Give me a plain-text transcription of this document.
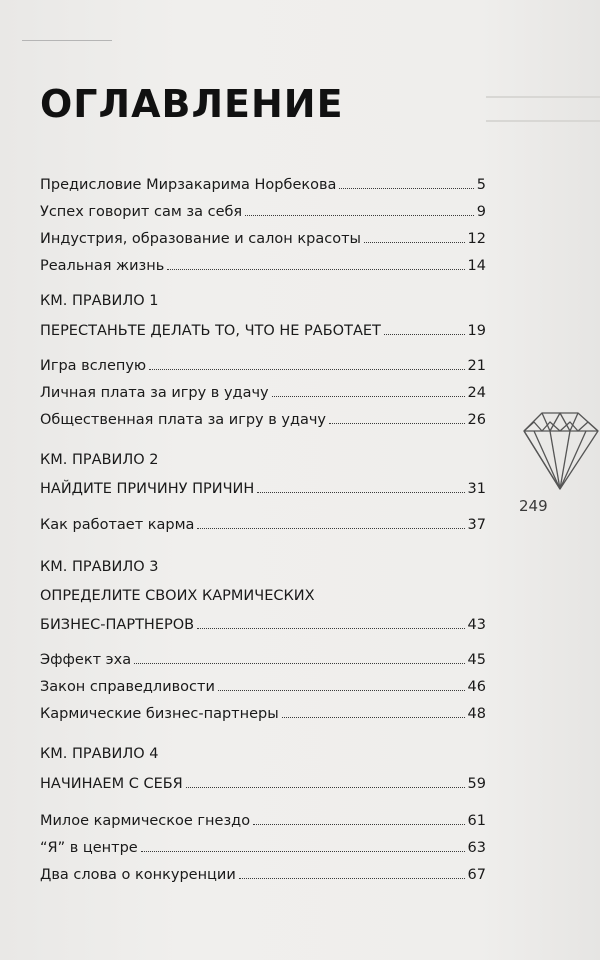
ОГЛАВЛЕНИЕ
Предисловие Мирзакарима Норбекова	5
Успех говорит сам за себя	9
Индустрия, образование и салон красоты	12
Реальная жизнь	14
КМ. ПРАВИЛО 1
ПЕРЕСТАНЬТЕ ДЕЛАТЬ ТО, ЧТО НЕ РАБОТАЕТ	19
Игра вслепую	21
Личная плата за игру в удачу	24
Общественная плата за игру в удачу	26
КМ. ПРАВИЛО 2
НАЙДИТЕ ПРИЧИНУ ПРИЧИН	31
Как работает карма	37
КМ. ПРАВИЛО 3
ОПРЕДЕЛИТЕ СВОИХ КАРМИЧЕСКИХ
БИЗНЕС-ПАРТНЕРОВ	43
Эффект эха	45
Закон справедливости	46
Кармические бизнес-партнеры	48
КМ. ПРАВИЛО 4
НАЧИНАЕМ С СЕБЯ	59
Милое кармическое гнездо	61
“Я” в центре	63
Два слова о конкуренции	67
249
